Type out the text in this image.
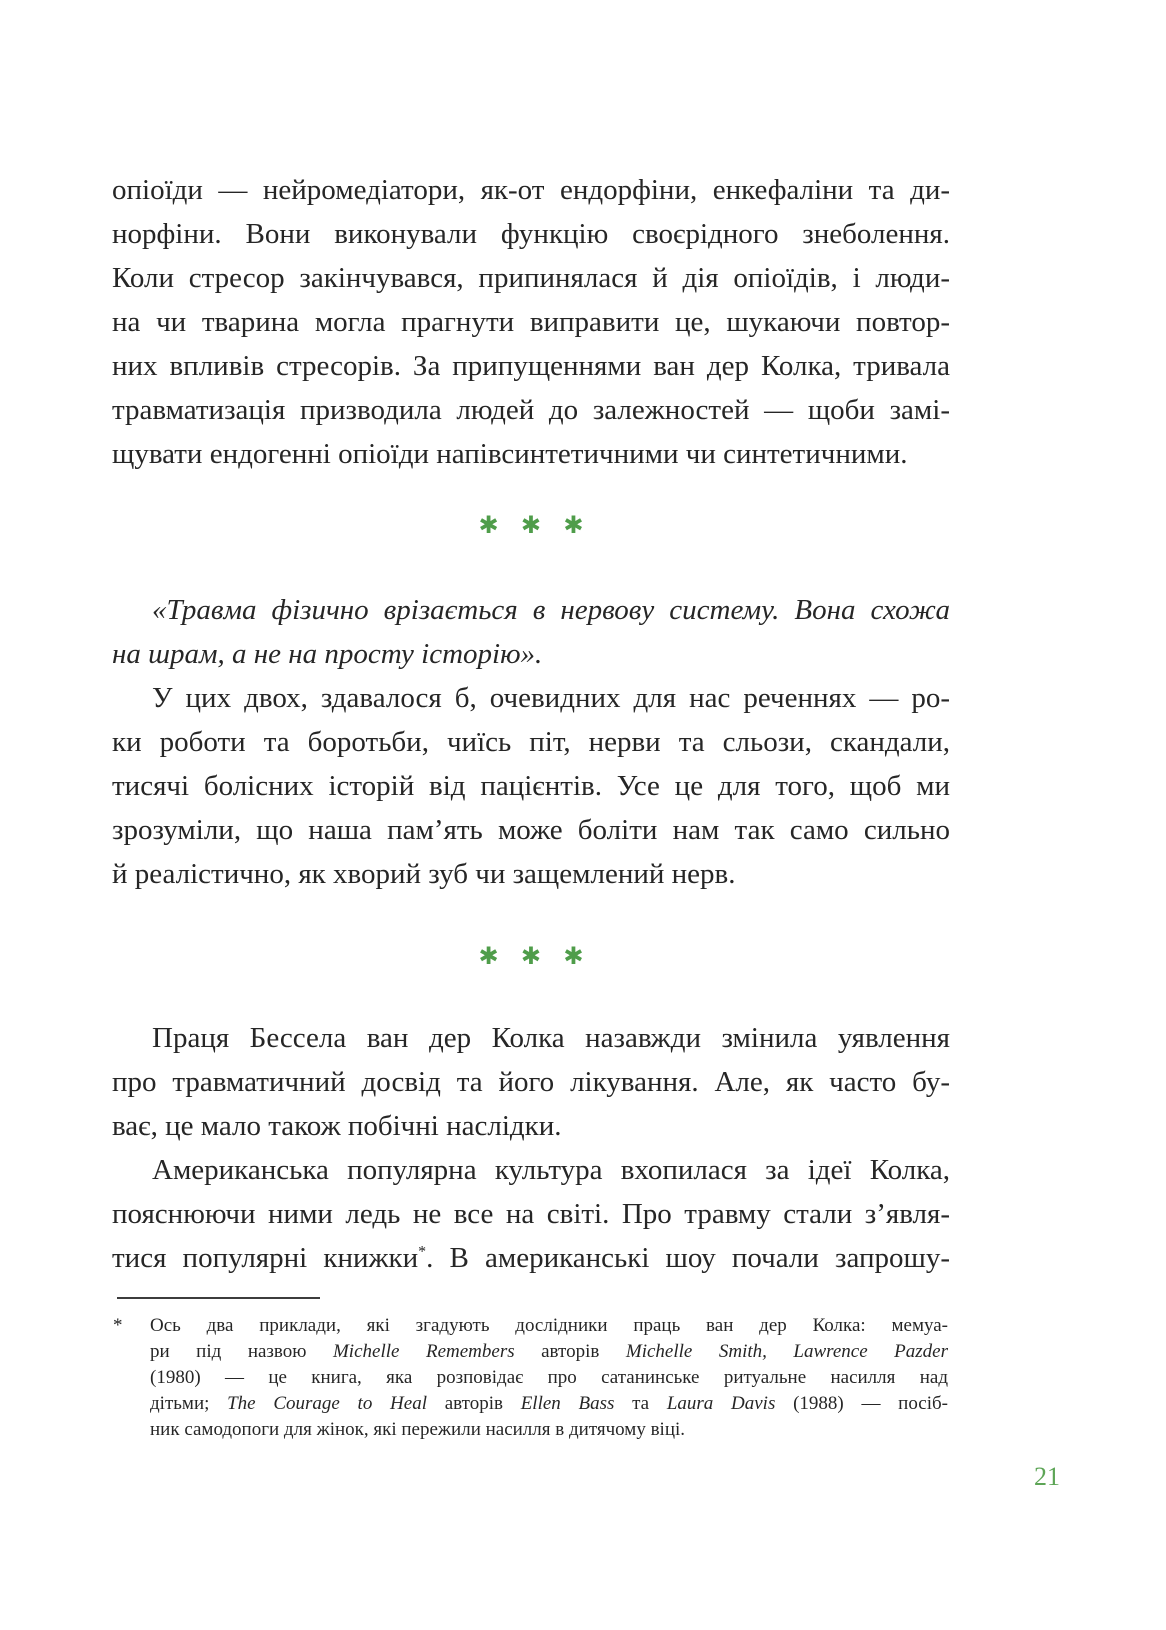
опіоїди — нейромедіатори, як-от ендорфіни, енкефаліни та ди-
норфіни. Вони виконували функцію своєрідного знеболення.
Коли стресор закінчувався, припинялася й дія опіоїдів, і люди-
на чи тварина могла прагнути виправити це, шукаючи повтор-
них впливів стресорів. За припущеннями ван дер Колка, тривала
травматизація призводила людей до залежностей — щоби замі-
щувати ендогенні опіоїди напівсинтетичними чи синтетичними.
✱ ✱ ✱
«Травма фізично врізається в нервову систему. Вона схожа
на шрам, а не на просту історію».
У цих двох, здавалося б, очевидних для нас реченнях — ро-
ки роботи та боротьби, чиїсь піт, нерви та сльози, скандали,
тисячі болісних історій від пацієнтів. Усе це для того, щоб ми
зрозуміли, що наша пам’ять може боліти нам так само сильно
й реалістично, як хворий зуб чи защемлений нерв.
✱ ✱ ✱
Праця Бессела ван дер Колка назавжди змінила уявлення
про травматичний досвід та його лікування. Але, як часто бу-
ває, це мало також побічні наслідки.
Американська популярна культура вхопилася за ідеї Колка,
пояснюючи ними ледь не все на світі. Про травму стали з’явля-
тися популярні книжки*. В американські шоу почали запрошу-
* Ось два приклади, які згадують дослідники праць ван дер Колка: мемуа-
ри під назвою Michelle Remembers авторів Michelle Smith, Lawrence Pazder
(1980) — це книга, яка розповідає про сатанинське ритуальне насилля над
дітьми; The Courage to Heal авторів Ellen Bass та Laura Davis (1988) — посіб-
ник самодопоги для жінок, які пережили насилля в дитячому віці.
21
